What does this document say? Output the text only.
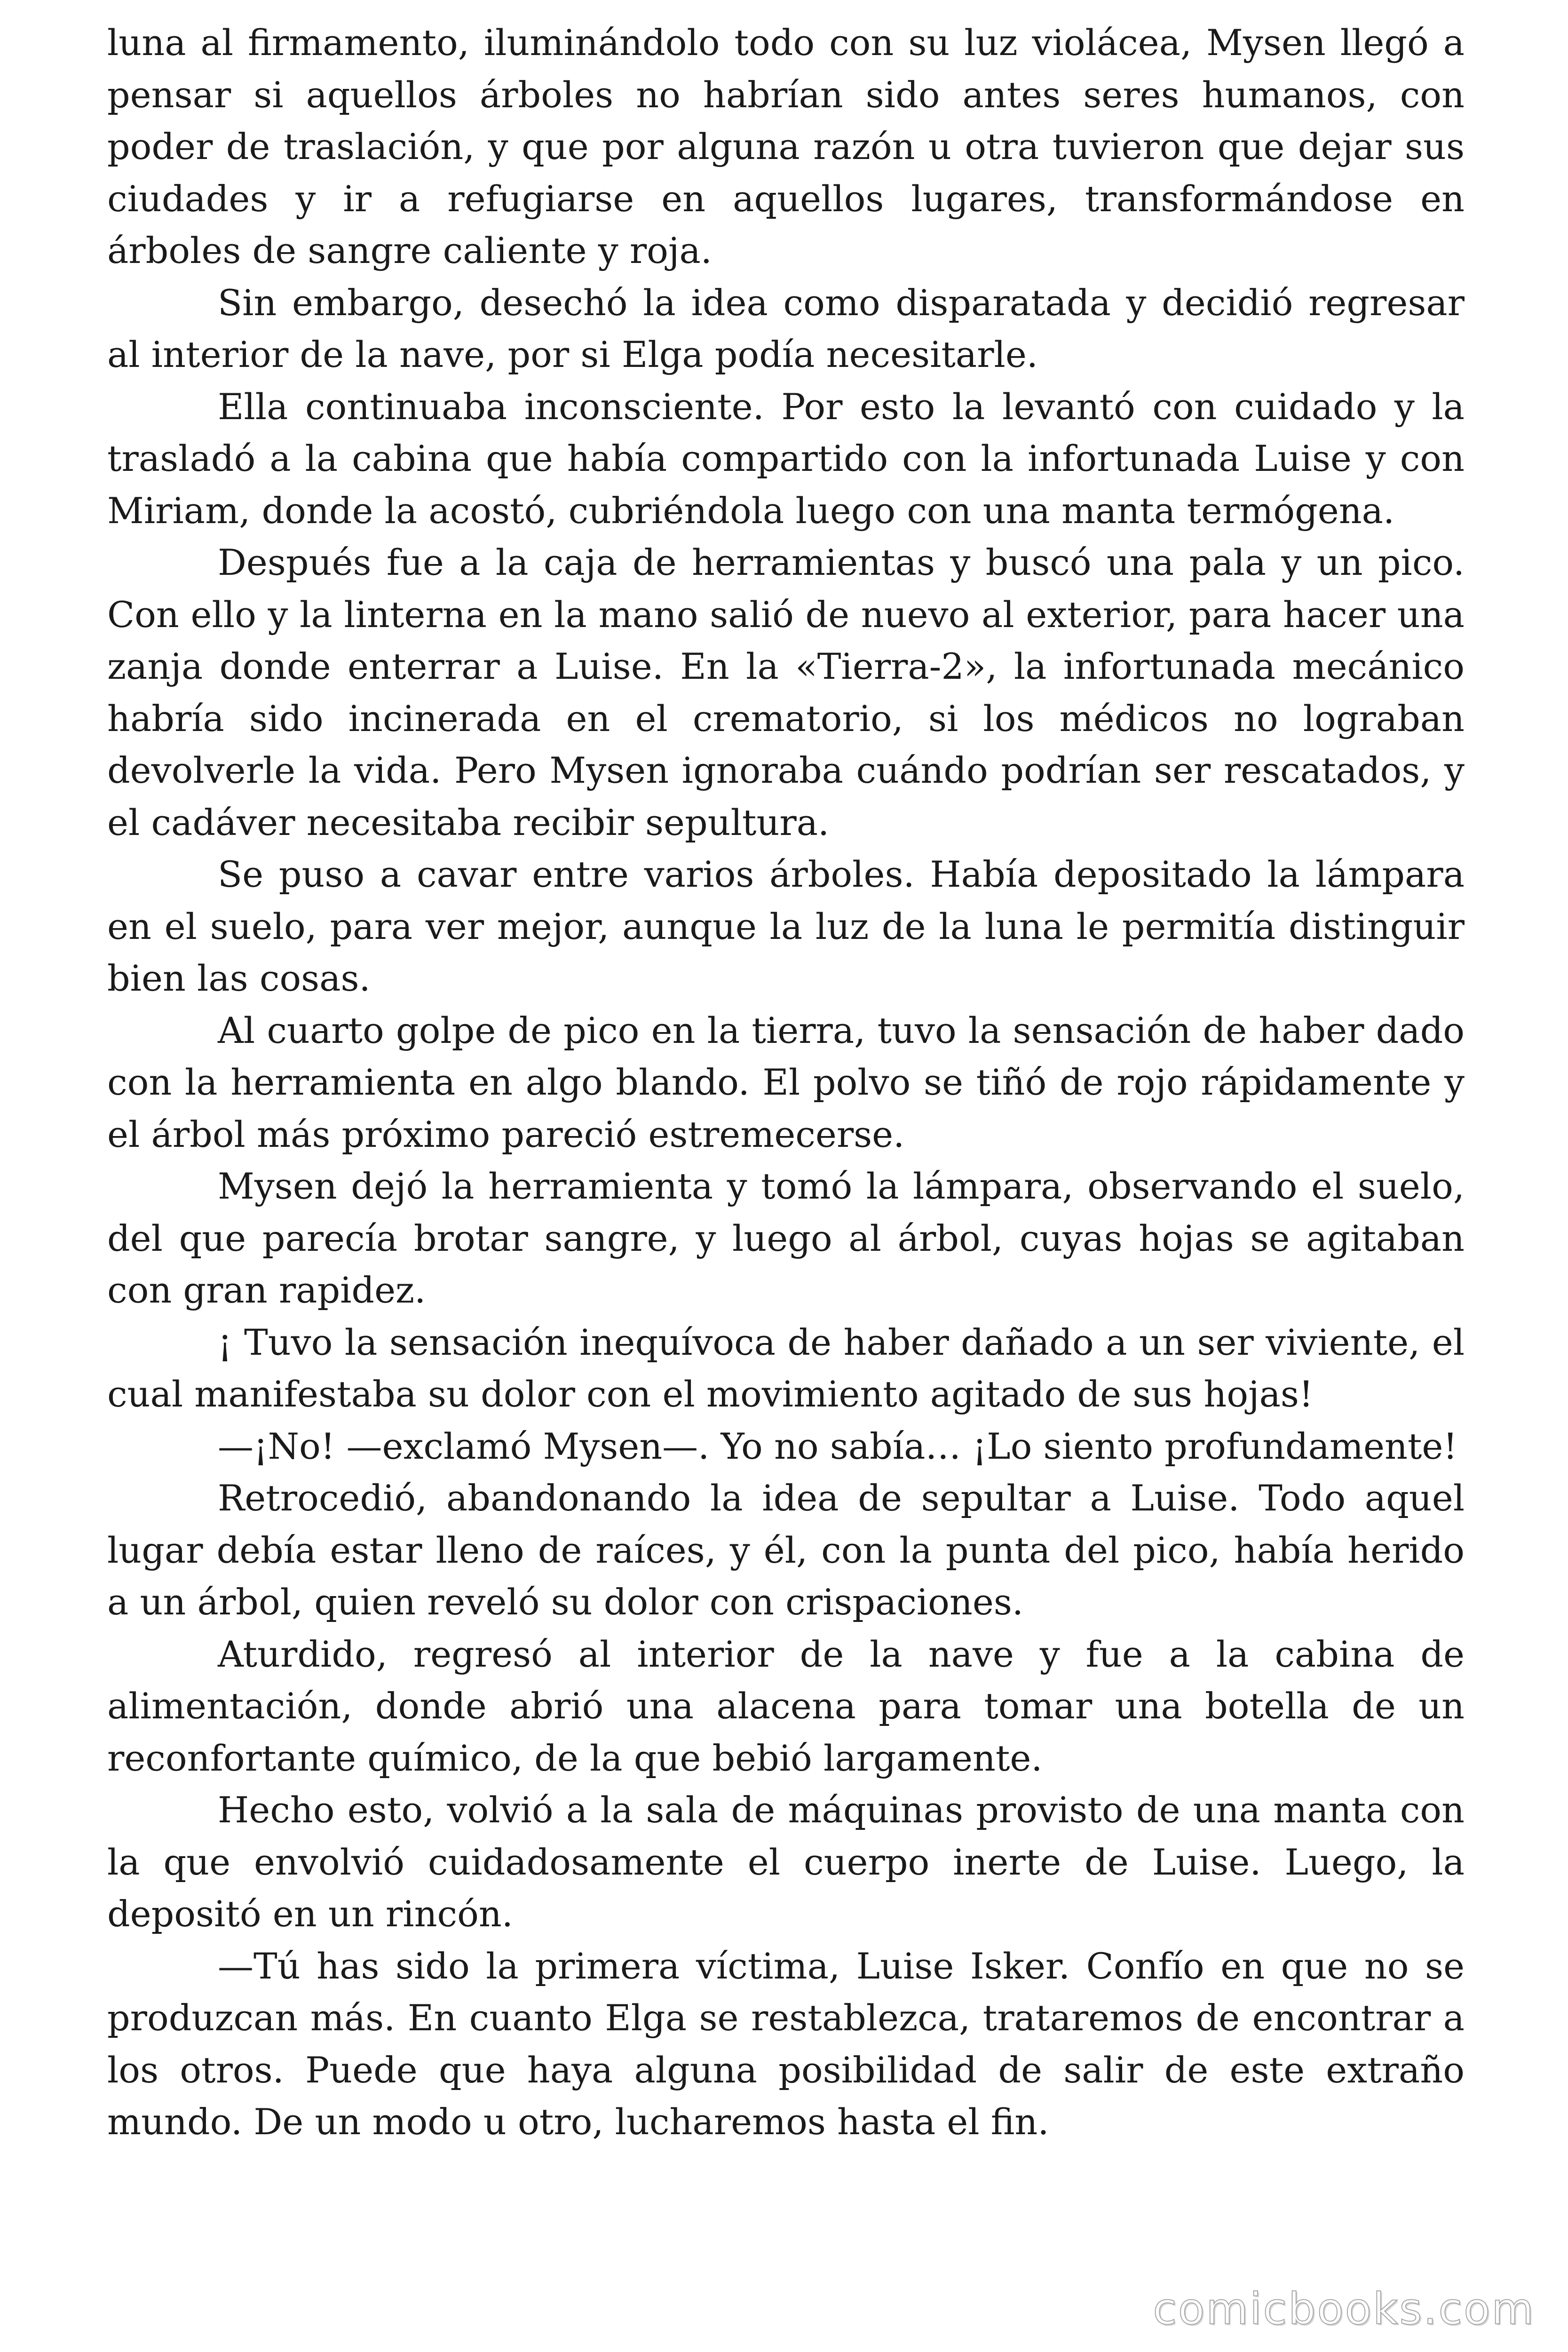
luna al firmamento, iluminándolo todo con su luz violácea, Mysen llegó a pensar si aquellos árboles no habrían sido antes seres humanos, con poder de traslación, y que por alguna razón u otra tuvieron que dejar sus ciudades y ir a refugiarse en aquellos lugares, transformándose en árboles de sangre caliente y roja.

Sin embargo, desechó la idea como disparatada y decidió regresar al interior de la nave, por si Elga podía necesitarle.

Ella continuaba inconsciente. Por esto la levantó con cuidado y la trasladó a la cabina que había compartido con la infortunada Luise y con Miriam, donde la acostó, cubriéndola luego con una manta termógena.

Después fue a la caja de herramientas y buscó una pala y un pico. Con ello y la linterna en la mano salió de nuevo al exterior, para hacer una zanja donde enterrar a Luise. En la «Tierra-2», la infortunada mecánico habría sido incinerada en el crematorio, si los médicos no lograban devolverle la vida. Pero Mysen ignoraba cuándo podrían ser rescatados, y el cadáver necesitaba recibir sepultura.

Se puso a cavar entre varios árboles. Había depositado la lámpara en el suelo, para ver mejor, aunque la luz de la luna le permitía distinguir bien las cosas.

Al cuarto golpe de pico en la tierra, tuvo la sensación de haber dado con la herramienta en algo blando. El polvo se tiñó de rojo rápidamente y el árbol más próximo pareció estremecerse.

Mysen dejó la herramienta y tomó la lámpara, observando el suelo, del que parecía brotar sangre, y luego al árbol, cuyas hojas se agitaban con gran rapidez.

¡ Tuvo la sensación inequívoca de haber dañado a un ser viviente, el cual manifestaba su dolor con el movimiento agitado de sus hojas!

—¡No! —exclamó Mysen—. Yo no sabía… ¡Lo siento profundamente!

Retrocedió, abandonando la idea de sepultar a Luise. Todo aquel lugar debía estar lleno de raíces, y él, con la punta del pico, había herido a un árbol, quien reveló su dolor con crispaciones.

Aturdido, regresó al interior de la nave y fue a la cabina de alimentación, donde abrió una alacena para tomar una botella de un reconfortante químico, de la que bebió largamente.

Hecho esto, volvió a la sala de máquinas provisto de una manta con la que envolvió cuidadosamente el cuerpo inerte de Luise. Luego, la depositó en un rincón.

—Tú has sido la primera víctima, Luise Isker. Confío en que no se produzcan más. En cuanto Elga se restablezca, trataremos de encontrar a los otros. Puede que haya alguna posibilidad de salir de este extraño mundo. De un modo u otro, lucharemos hasta el fin.

comicbooks.com
